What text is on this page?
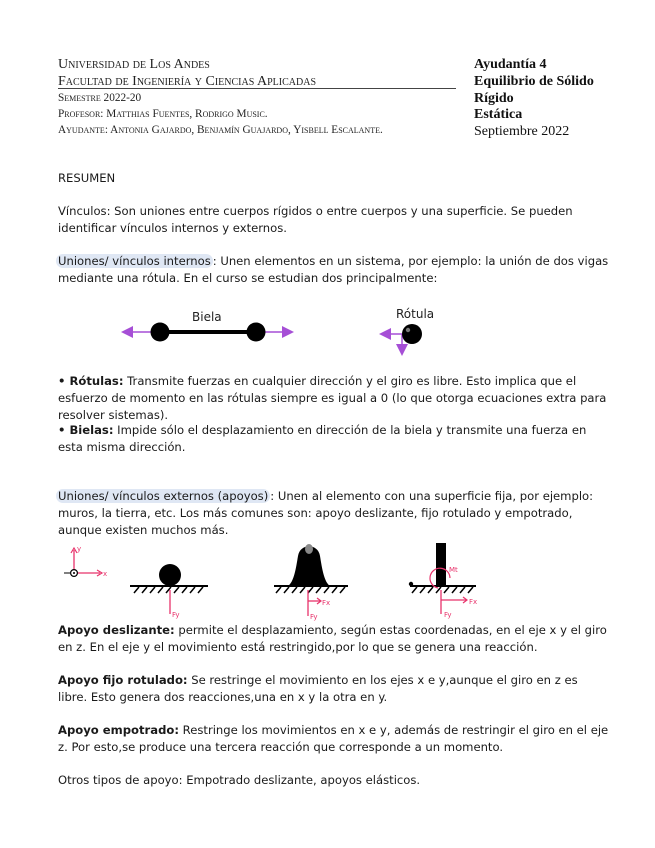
Universidad de Los Andes
Facultad de Ingeniería y Ciencias Aplicadas
Semestre 2022-20
Profesor: Matthias Fuentes, Rodrigo Music.
Ayudante: Antonia Gajardo, Benjamín Guajardo, Yisbell Escalante.
Ayudantía 4
Equilibrio de Sólido
Rígido
Estática
Septiembre 2022
RESUMEN
Vínculos: Son uniones entre cuerpos rígidos o entre cuerpos y una superficie. Se pueden identificar vínculos internos y externos.
Uniones/ vínculos internos : Unen elementos en un sistema, por ejemplo: la unión de dos vigas mediante una rótula. En el curso se estudian dos principalmente:
Biela	Rótula
• Rótulas: Transmite fuerzas en cualquier dirección y el giro es libre. Esto implica que el esfuerzo de momento en las rótulas siempre es igual a 0 (lo que otorga ecuaciones extra para resolver sistemas).
• Bielas: Impide sólo el desplazamiento en dirección de la biela y transmite una fuerza en esta misma dirección.
Uniones/ vínculos externos (apoyos) : Unen al elemento con una superficie fija, por ejemplo: muros, la tierra, etc. Los más comunes son: apoyo deslizante, fijo rotulado y empotrado, aunque existen muchos más.
y
x
Fy	Fy
Fx
Mt
Fy
Fx
Apoyo deslizante: permite el desplazamiento, según estas coordenadas, en el eje x y el giro en z. En el eje y el movimiento está restringido,por lo que se genera una reacción.
Apoyo fijo rotulado: Se restringe el movimiento en los ejes x e y,aunque el giro en z es libre. Esto genera dos reacciones,una en x y la otra en y.
Apoyo empotrado: Restringe los movimientos en x e y, además de restringir el giro en el eje z. Por esto,se produce una tercera reacción que corresponde a un momento.
Otros tipos de apoyo: Empotrado deslizante, apoyos elásticos.
